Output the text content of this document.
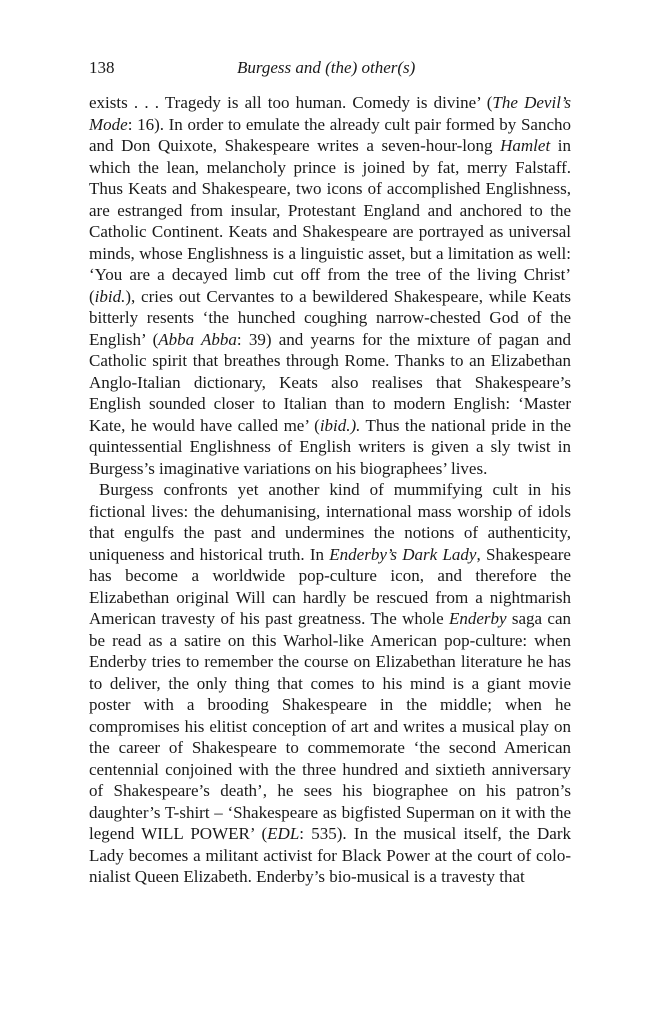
138	Burgess and (the) other(s)

exists . . . Tragedy is all too human. Comedy is divine’ (The Devil’s Mode: 16). In order to emulate the already cult pair formed by Sancho and Don Quixote, Shakespeare writes a seven-hour-long Hamlet in which the lean, melancholy prince is joined by fat, merry Falstaff. Thus Keats and Shakespeare, two icons of accomplished Englishness, are estranged from insular, Protestant England and anchored to the Catholic Continent. Keats and Shakespeare are portrayed as universal minds, whose Englishness is a linguistic asset, but a limitation as well: ‘You are a decayed limb cut off from the tree of the living Christ’ (ibid.), cries out Cervantes to a bewildered Shakespeare, while Keats bitterly resents ‘the hunched coughing narrow-chested God of the English’ (Abba Abba: 39) and yearns for the mixture of pagan and Catholic spirit that breathes through Rome. Thanks to an Elizabethan Anglo-Italian dictionary, Keats also realises that Shakespeare’s English sounded closer to Italian than to modern English: ‘Master Kate, he would have called me’ (ibid.). Thus the national pride in the quintessential Englishness of English writers is given a sly twist in Burgess’s imaginative variations on his biographees’ lives.

Burgess confronts yet another kind of mummifying cult in his fictional lives: the dehumanising, international mass worship of idols that engulfs the past and undermines the notions of authenticity, uniqueness and historical truth. In Enderby’s Dark Lady, Shakespeare has become a worldwide pop-culture icon, and therefore the Elizabethan original Will can hardly be rescued from a nightmarish American travesty of his past greatness. The whole Enderby saga can be read as a satire on this Warhol-like American pop-culture: when Enderby tries to remember the course on Elizabethan literature he has to deliver, the only thing that comes to his mind is a giant movie poster with a brooding Shakespeare in the middle; when he compromises his elitist conception of art and writes a musical play on the career of Shakespeare to commemorate ‘the second American centennial conjoined with the three hundred and sixtieth anniversary of Shakespeare’s death’, he sees his biographee on his patron’s daughter’s T-shirt – ‘Shakespeare as bigfisted Superman on it with the legend WILL POWER’ (EDL: 535). In the musical itself, the Dark Lady becomes a militant activist for Black Power at the court of colonialist Queen Elizabeth. Enderby’s bio-musical is a travesty that
